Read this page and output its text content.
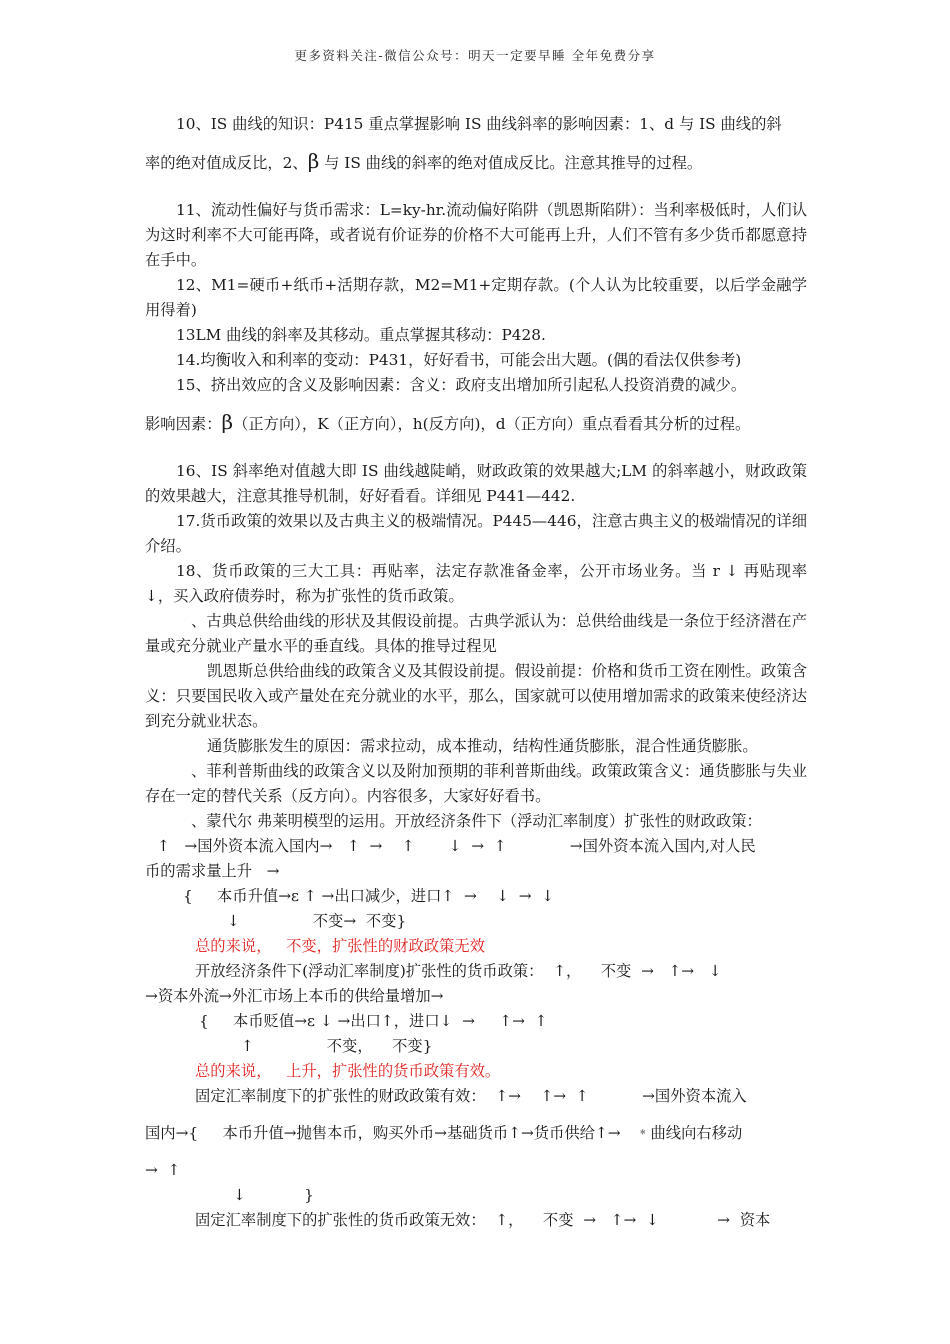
更多资料关注-微信公众号：明天一定要早睡 全年免费分享

10、IS 曲线的知识：P415 重点掌握影响 IS 曲线斜率的影响因素：1、d 与 IS 曲线的斜

率的绝对值成反比，2、β 与 IS 曲线的斜率的绝对值成反比。注意其推导的过程。

11、流动性偏好与货币需求：L=ky-hr.流动偏好陷阱（凯恩斯陷阱）：当利率极低时，人们认为这时利率不大可能再降，或者说有价证券的价格不大可能再上升，人们不管有多少货币都愿意持在手中。

12、M1=硬币+纸币+活期存款，M2=M1+定期存款。(个人认为比较重要，以后学金融学用得着)

13LM 曲线的斜率及其移动。重点掌握其移动：P428.

14.均衡收入和利率的变动：P431，好好看书，可能会出大题。(偶的看法仅供参考)

15、挤出效应的含义及影响因素：含义：政府支出增加所引起私人投资消费的减少。

影响因素：β（正方向），K（正方向），h(反方向)，d（正方向）重点看看其分析的过程。

16、IS 斜率绝对值越大即 IS 曲线越陡峭，财政政策的效果越大;LM 的斜率越小，财政政策的效果越大，注意其推导机制，好好看看。详细见 P441—442.

17.货币政策的效果以及古典主义的极端情况。P445—446，注意古典主义的极端情况的详细介绍。

18、货币政策的三大工具：再贴率，法定存款准备金率，公开市场业务。当 r ↓ 再贴现率↓，买入政府债券时，称为扩张性的货币政策。

、古典总供给曲线的形状及其假设前提。古典学派认为：总供给曲线是一条位于经济潜在产量或充分就业产量水平的垂直线。具体的推导过程见

凯恩斯总供给曲线的政策含义及其假设前提。假设前提：价格和货币工资在刚性。政策含义：只要国民收入或产量处在充分就业的水平，那么，国家就可以使用增加需求的政策来使经济达到充分就业状态。

通货膨胀发生的原因：需求拉动，成本推动，结构性通货膨胀，混合性通货膨胀。

、菲利普斯曲线的政策含义以及附加预期的菲利普斯曲线。政策政策含义：通货膨胀与失业存在一定的替代关系（反方向）。内容很多，大家好好看书。

、蒙代尔 弗莱明模型的运用。开放经济条件下（浮动汇率制度）扩张性的财政政策：

↑   →国外资本流入国内→   ↑  →    ↑       ↓  →  ↑             →国外资本流入国内,对人民

币的需求量上升   →

{     本币升值→ε ↑ →出口减少，进口↑  →    ↓  →  ↓

↓               不变→  不变}

总的来说，   不变，扩张性的财政政策无效

开放经济条件下(浮动汇率制度)扩张性的货币政策：  ↑，    不变  →   ↑→   ↓

→资本外流→外汇市场上本币的供给量增加→

{     本币贬值→ε ↓ →出口↑，进口↓  →     ↑→  ↑

↑               不变，    不变}

总的来说，   上升，扩张性的货币政策有效。

固定汇率制度下的扩张性的财政政策有效：  ↑→    ↑→  ↑           →国外资本流入

国内→{     本币升值→抛售本币，购买外币→基础货币↑→货币供给↑→   ﹡曲线向右移动

→  ↑

↓            }

固定汇率制度下的扩张性的货币政策无效：  ↑，    不变  →   ↑→  ↓            →  资本
